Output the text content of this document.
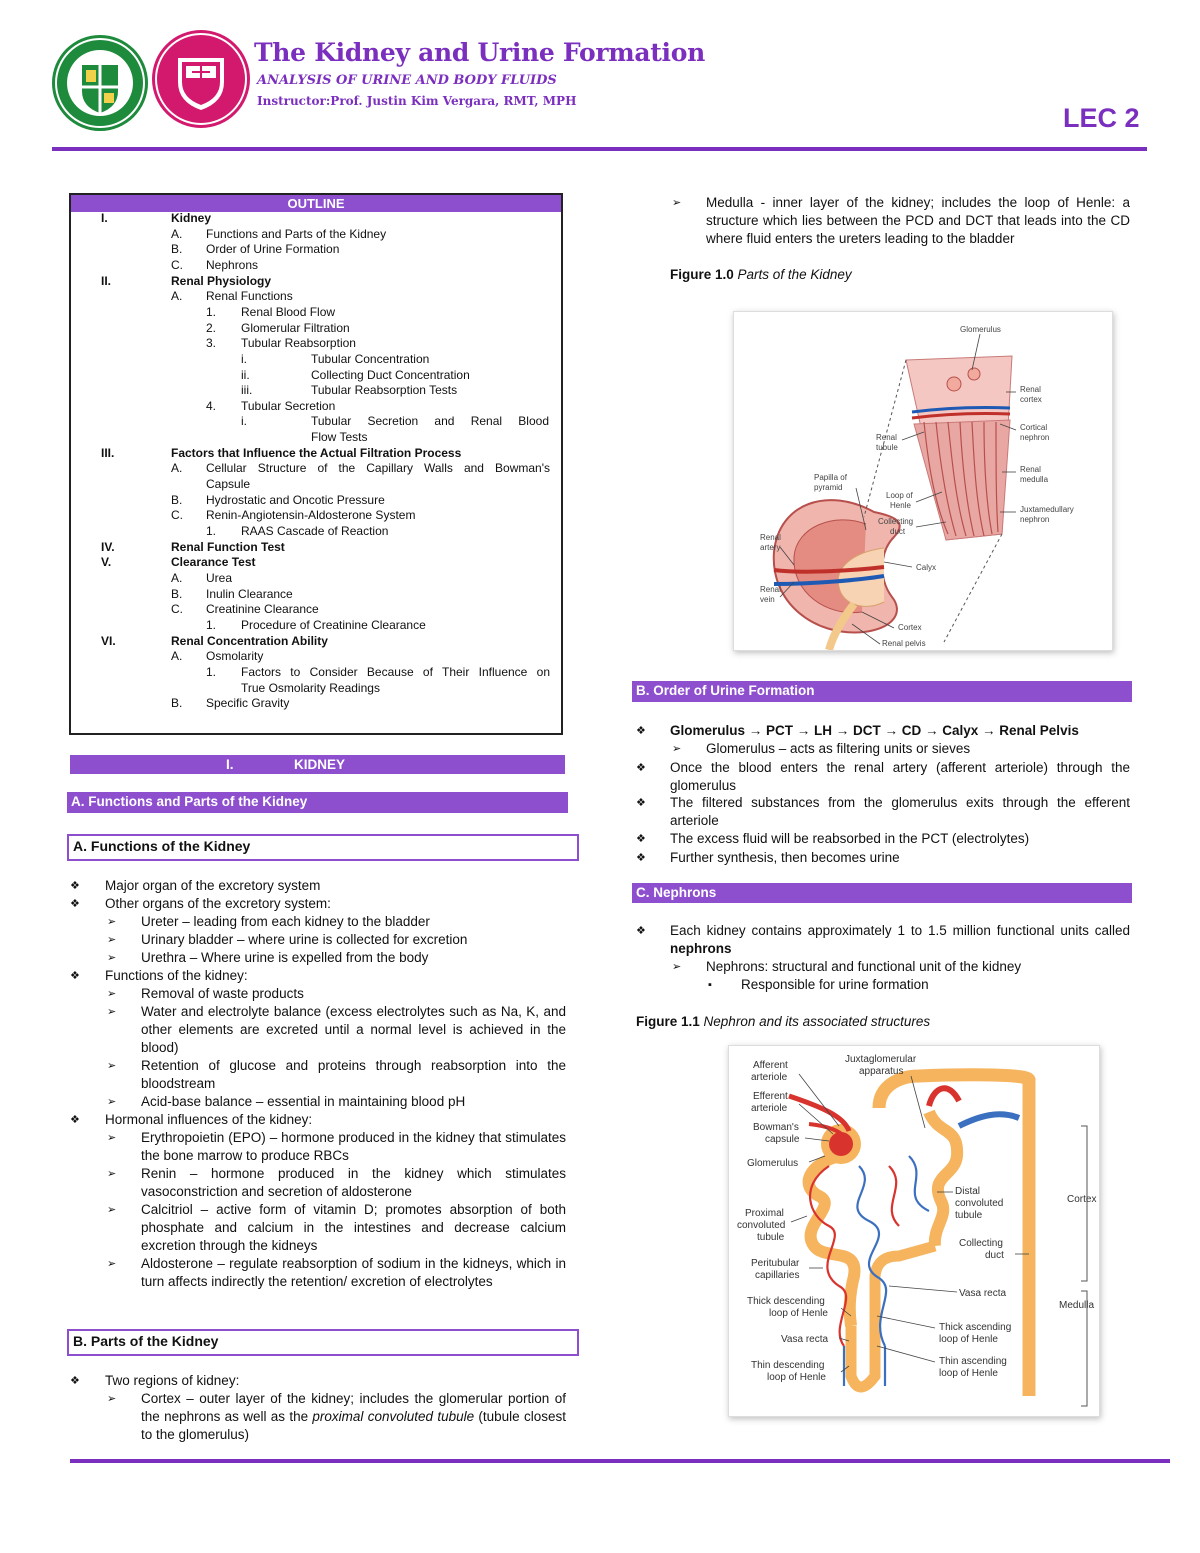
The Kidney and Urine Formation
ANALYSIS OF URINE AND BODY FLUIDS
Instructor:Prof. Justin Kim Vergara, RMT, MPH
LEC 2
OUTLINE
I.	Kidney
A. Functions and Parts of the Kidney
B. Order of Urine Formation
C. Nephrons
II.	Renal Physiology
A. Renal Functions
1. Renal Blood Flow
2. Glomerular Filtration
3. Tubular Reabsorption
i.	Tubular Concentration
ii.	Collecting Duct Concentration
iii.	Tubular Reabsorption Tests
4. Tubular Secretion
i.	Tubular Secretion and Renal Blood
Flow Tests
III.	Factors that Influence the Actual Filtration Process
A. Cellular Structure of the Capillary Walls and Bowman's
Capsule
B. Hydrostatic and Oncotic Pressure
C. Renin-Angiotensin-Aldosterone System
1. RAAS Cascade of Reaction
IV.	Renal Function Test
V.	Clearance Test
A. Urea
B. Inulin Clearance
C. Creatinine Clearance
1. Procedure of Creatinine Clearance
VI.	Renal Concentration Ability
A. Osmolarity
1. Factors to Consider Because of Their Influence on
True Osmolarity Readings
B. Specific Gravity
I.	KIDNEY
A. Functions and Parts of the Kidney
A. Functions of the Kidney
❖ Major organ of the excretory system
❖ Other organs of the excretory system:
➢ Ureter – leading from each kidney to the bladder
➢ Urinary bladder – where urine is collected for excretion
➢ Urethra – Where urine is expelled from the body
❖ Functions of the kidney:
➢ Removal of waste products
➢ Water and electrolyte balance (excess electrolytes such as Na, K, and other elements are excreted until a normal level is achieved in the blood)
➢ Retention of glucose and proteins through reabsorption into the bloodstream
➢ Acid-base balance – essential in maintaining blood pH
❖ Hormonal influences of the kidney:
➢ Erythropoietin (EPO) – hormone produced in the kidney that stimulates the bone marrow to produce RBCs
➢ Renin – hormone produced in the kidney which stimulates vasoconstriction and secretion of aldosterone
➢ Calcitriol – active form of vitamin D; promotes absorption of both phosphate and calcium in the intestines and decrease calcium excretion through the kidneys
➢ Aldosterone – regulate reabsorption of sodium in the kidneys, which in turn affects indirectly the retention/ excretion of electrolytes
B. Parts of the Kidney
❖ Two regions of kidney:
➢ Cortex – outer layer of the kidney; includes the glomerular portion of the nephrons as well as the proximal convoluted tubule (tubule closest to the glomerulus)
➢ Medulla - inner layer of the kidney; includes the loop of Henle: a structure which lies between the PCD and DCT that leads into the CD where fluid enters the ureters leading to the bladder
Figure 1.0 Parts of the Kidney
Glomerulus
Renal
cortex
Cortical
nephron
Renal
tubule
Renal
medulla
Papilla of
pyramid
Loop of
Henle	Juxtamedullary
nephron
Collecting
duct
Renal
artery
Calyx
Renal
vein
Cortex
Renal pelvis
B. Order of Urine Formation
❖ Glomerulus → PCT → LH → DCT → CD → Calyx → Renal Pelvis
➢ Glomerulus – acts as filtering units or sieves
❖ Once the blood enters the renal artery (afferent arteriole) through the glomerulus
❖ The filtered substances from the glomerulus exits through the efferent arteriole
❖ The excess fluid will be reabsorbed in the PCT (electrolytes)
❖ Further synthesis, then becomes urine
C. Nephrons
❖ Each kidney contains approximately 1 to 1.5 million functional units called nephrons
➢ Nephrons: structural and functional unit of the kidney
▪ Responsible for urine formation
Figure 1.1 Nephron and its associated structures
Afferent
arteriole
Juxtaglomerular
apparatus
Efferent
arteriole
Bowman's
capsule
Glomerulus
Distal
convoluted
tubule
Cortex
Proximal
convoluted
tubule
Collecting
duct
Peritubular
capillaries
Vasa recta
Thick descending
loop of Henle
Medulla
Thick ascending
loop of Henle
Vasa recta
Thin ascending
loop of Henle
Thin descending
loop of Henle
